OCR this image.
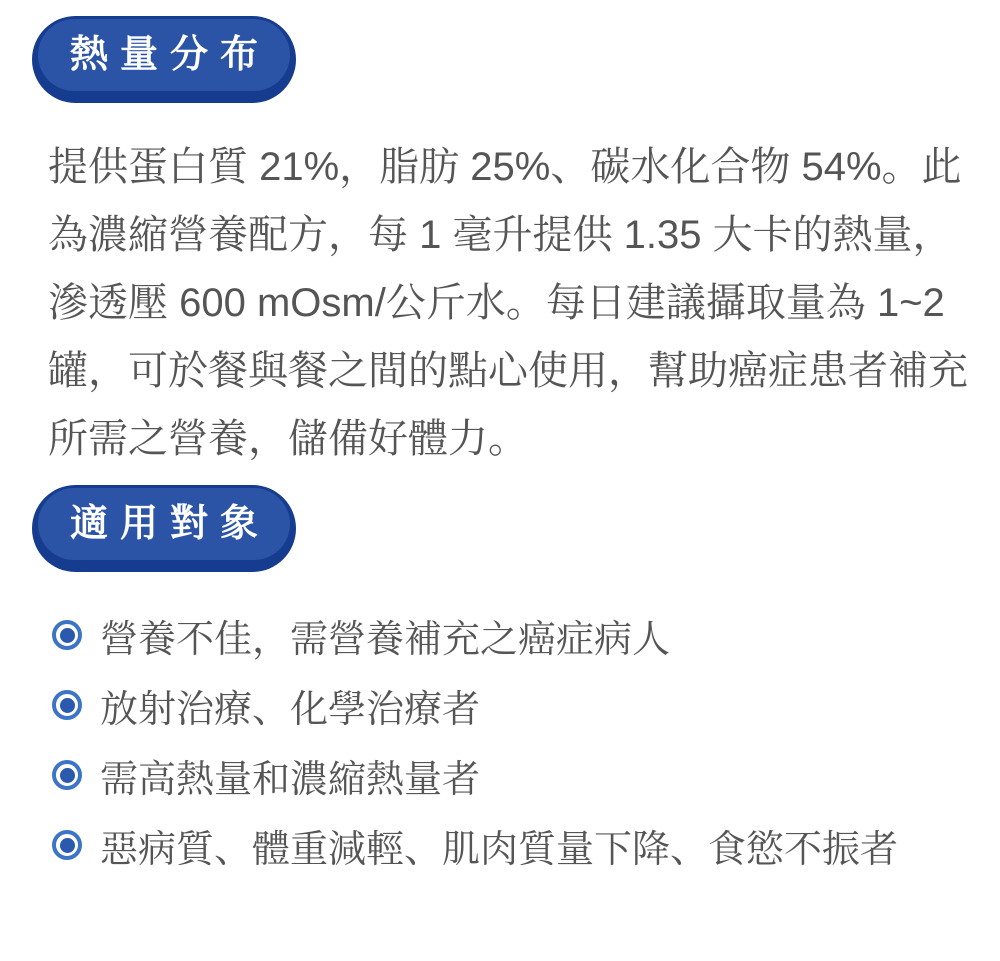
熱量分布
提供蛋白質 21%，脂肪 25%、碳水化合物 54%。此
為濃縮營養配方，每 1 毫升提供 1.35 大卡的熱量，
滲透壓 600 mOsm/公斤水。每日建議攝取量為 1~2
罐，可於餐與餐之間的點心使用，幫助癌症患者補充
所需之營養，儲備好體力。
適用對象
營養不佳，需營養補充之癌症病人
放射治療、化學治療者
需高熱量和濃縮熱量者
惡病質、體重減輕、肌肉質量下降、食慾不振者
